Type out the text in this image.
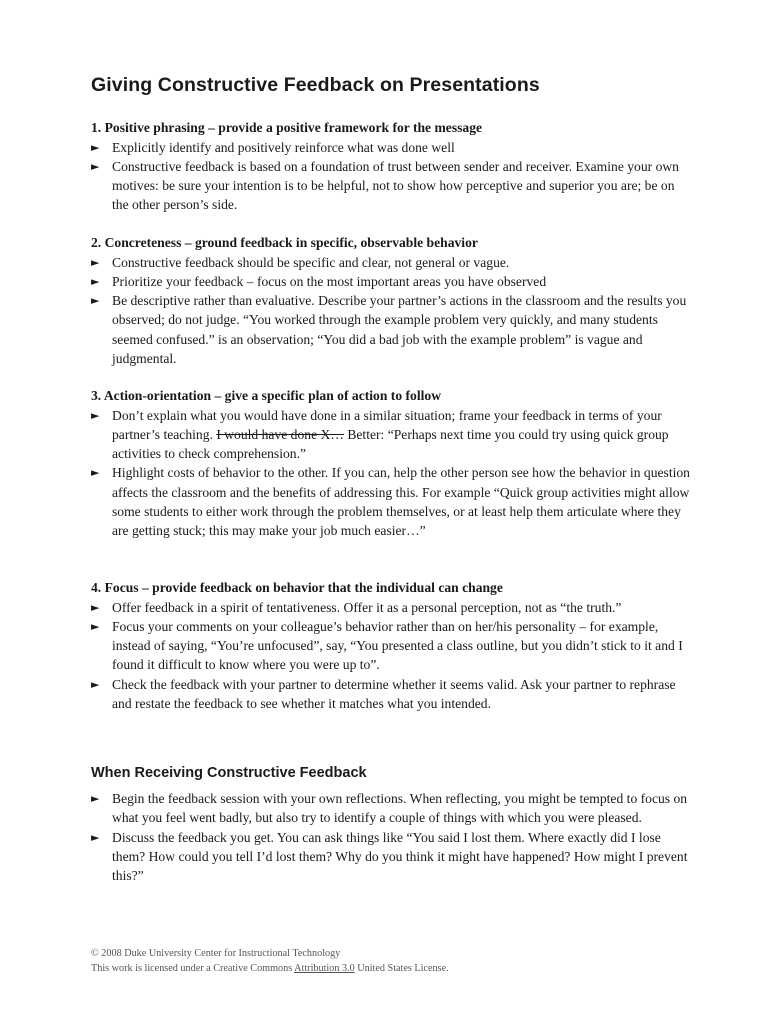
Giving Constructive Feedback on Presentations

1. Positive phrasing – provide a positive framework for the message

► Explicitly identify and positively reinforce what was done well
► Constructive feedback is based on a foundation of trust between sender and receiver. Examine your own motives: be sure your intention is to be helpful, not to show how perceptive and superior you are; be on the other person’s side.

2. Concreteness – ground feedback in specific, observable behavior

► Constructive feedback should be specific and clear, not general or vague.
► Prioritize your feedback – focus on the most important areas you have observed
► Be descriptive rather than evaluative. Describe your partner’s actions in the classroom and the results you observed; do not judge. “You worked through the example problem very quickly, and many students seemed confused.” is an observation; “You did a bad job with the example problem” is vague and judgmental.

3. Action-orientation – give a specific plan of action to follow

► Don’t explain what you would have done in a similar situation; frame your feedback in terms of your partner’s teaching. I would have done X… Better: “Perhaps next time you could try using quick group activities to check comprehension.”
► Highlight costs of behavior to the other. If you can, help the other person see how the behavior in question affects the classroom and the benefits of addressing this. For example “Quick group activities might allow some students to either work through the problem themselves, or at least help them articulate where they are getting stuck; this may make your job much easier…”

4. Focus – provide feedback on behavior that the individual can change

► Offer feedback in a spirit of tentativeness. Offer it as a personal perception, not as “the truth.”
► Focus your comments on your colleague’s behavior rather than on her/his personality – for example, instead of saying, “You’re unfocused”, say, “You presented a class outline, but you didn’t stick to it and I found it difficult to know where you were up to”.
► Check the feedback with your partner to determine whether it seems valid. Ask your partner to rephrase and restate the feedback to see whether it matches what you intended.
When Receiving Constructive Feedback
► Begin the feedback session with your own reflections. When reflecting, you might be tempted to focus on what you feel went badly, but also try to identify a couple of things with which you were pleased.
► Discuss the feedback you get. You can ask things like “You said I lost them. Where exactly did I lose them? How could you tell I’d lost them? Why do you think it might have happened? How might I prevent this?”
© 2008 Duke University Center for Instructional Technology
This work is licensed under a Creative Commons Attribution 3.0 United States License.
